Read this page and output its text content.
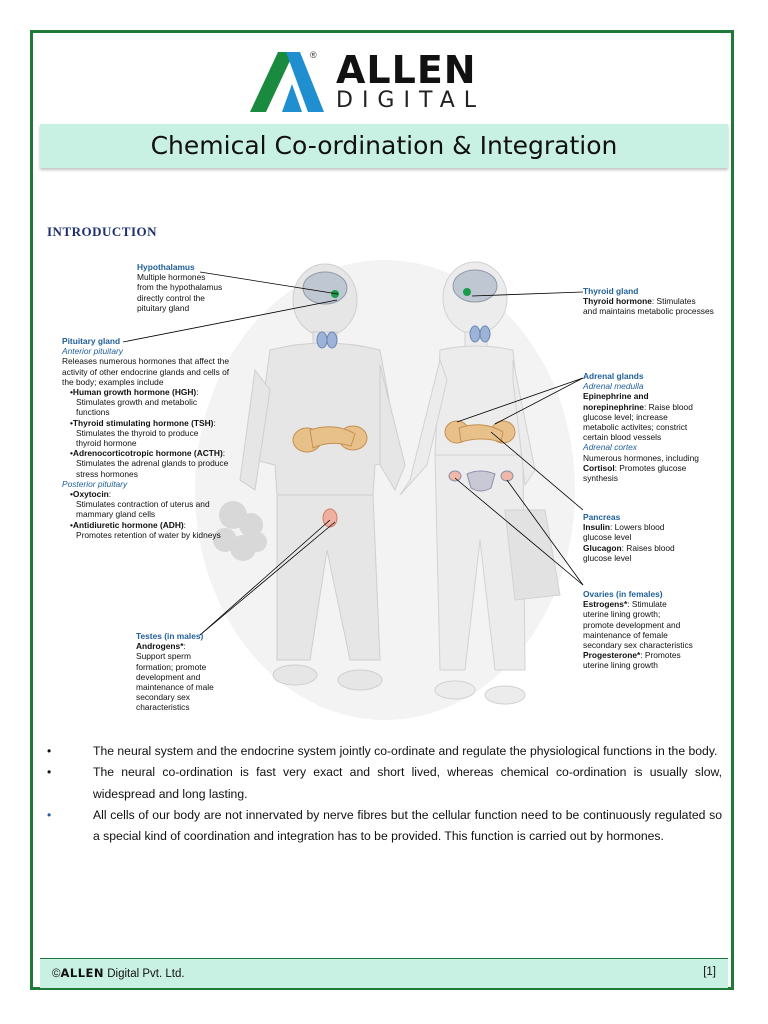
® ALLEN
DIGITAL
Chemical Co-ordination & Integration
INTRODUCTION
Hypothalamus
Multiple hormones
from the hypothalamus
directly control the
pituitary gland
Pituitary gland
Anterior pituitary
Releases numerous hormones that affect the
activity of other endocrine glands and cells of
the body; examples include
•Human growth hormone (HGH):
Stimulates growth and metabolic
functions
•Thyroid stimulating hormone (TSH):
Stimulates the thyroid to produce
thyroid hormone
•Adrenocorticotropic hormone (ACTH):
Stimulates the adrenal glands to produce
stress hormones
Posterior pituitary
•Oxytocin:
Stimulates contraction of uterus and
mammary gland cells
•Antidiuretic hormone (ADH):
Promotes retention of water by kidneys
Testes (in males)
Androgens*:
Support sperm
formation; promote
development and
maintenance of male
secondary sex
characteristics
Thyroid gland
Thyroid hormone: Stimulates
and maintains metabolic processes
Adrenal glands
Adrenal medulla
Epinephrine and
norepinephrine: Raise blood
glucose level; increase
metabolic activites; constrict
certain blood vessels
Adrenal cortex
Numerous hormones, including
Cortisol: Promotes glucose
synthesis
Pancreas
Insulin: Lowers blood
glucose level
Glucagon: Raises blood
glucose level
Ovaries (in females)
Estrogens*: Stimulate
uterine lining growth;
promote development and
maintenance of female
secondary sex characteristics
Progesterone*: Promotes
uterine lining growth
•	The neural system and the endocrine system jointly co-ordinate and regulate the physiological functions in the body.
•	The neural co-ordination is fast very exact and short lived, whereas chemical co-ordination is usually slow, widespread and long lasting.
•	All cells of our body are not innervated by nerve fibres but the cellular function need to be continuously regulated so a special kind of coordination and integration has to be provided. This function is carried out by hormones.
©ALLEN Digital Pvt. Ltd.	[1]
